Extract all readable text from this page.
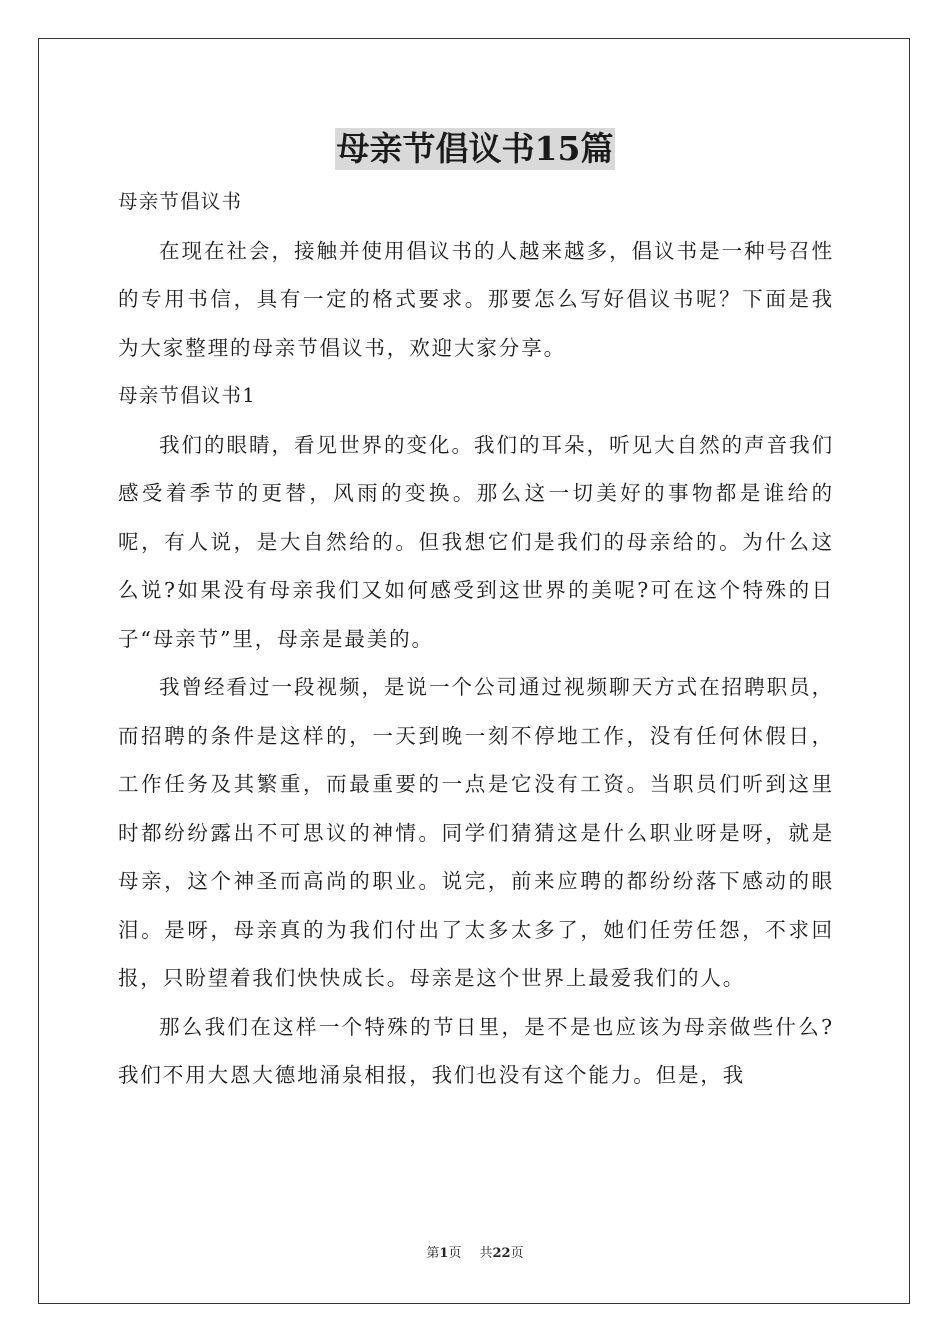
母亲节倡议书15篇

母亲节倡议书

在现在社会，接触并使用倡议书的人越来越多，倡议书是一种号召性的专用书信，具有一定的格式要求。那要怎么写好倡议书呢？下面是我为大家整理的母亲节倡议书，欢迎大家分享。

母亲节倡议书1

我们的眼睛，看见世界的变化。我们的耳朵，听见大自然的声音我们感受着季节的更替，风雨的变换。那么这一切美好的事物都是谁给的呢，有人说，是大自然给的。但我想它们是我们的母亲给的。为什么这么说?如果没有母亲我们又如何感受到这世界的美呢?可在这个特殊的日子“母亲节”里，母亲是最美的。

我曾经看过一段视频，是说一个公司通过视频聊天方式在招聘职员，而招聘的条件是这样的，一天到晚一刻不停地工作，没有任何休假日，工作任务及其繁重，而最重要的一点是它没有工资。当职员们听到这里时都纷纷露出不可思议的神情。同学们猜猜这是什么职业呀是呀，就是母亲，这个神圣而高尚的职业。说完，前来应聘的都纷纷落下感动的眼泪。是呀，母亲真的为我们付出了太多太多了，她们任劳任怨，不求回报，只盼望着我们快快成长。母亲是这个世界上最爱我们的人。

那么我们在这样一个特殊的节日里，是不是也应该为母亲做些什么?我们不用大恩大德地涌泉相报，我们也没有这个能力。但是，我

第1页 共22页
